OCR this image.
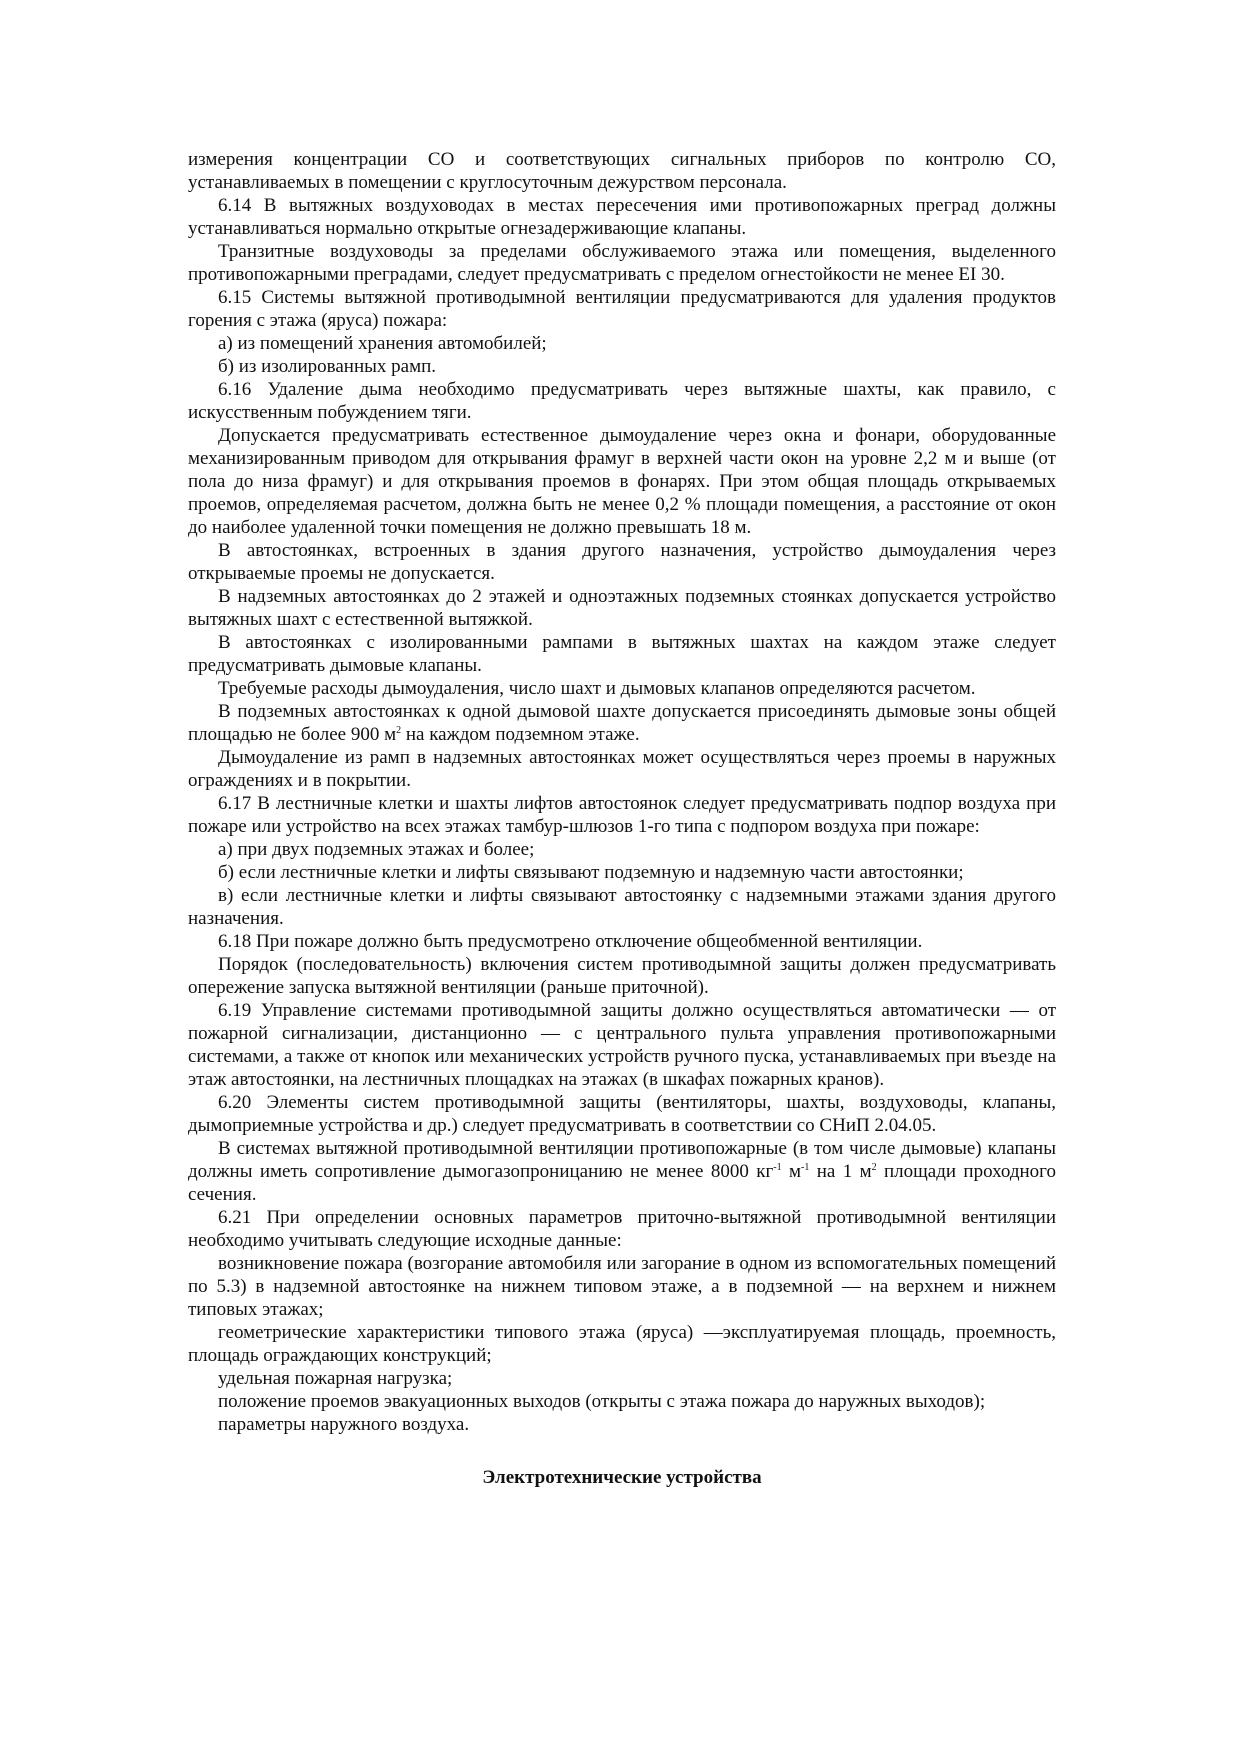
измерения концентрации СО и соответствующих сигнальных приборов по контролю СО, устанавливаемых в помещении с круглосуточным дежурством персонала.

6.14 В вытяжных воздуховодах в местах пересечения ими противопожарных преград должны устанавливаться нормально открытые огнезадерживающие клапаны.

Транзитные воздуховоды за пределами обслуживаемого этажа или помещения, выделенного противопожарными преградами, следует предусматривать с пределом огнестойкости не менее EI 30.

6.15 Системы вытяжной противодымной вентиляции предусматриваются для удаления продуктов горения с этажа (яруса) пожара:

а) из помещений хранения автомобилей;

б) из изолированных рамп.

6.16 Удаление дыма необходимо предусматривать через вытяжные шахты, как правило, с искусственным побуждением тяги.

Допускается предусматривать естественное дымоудаление через окна и фонари, оборудованные механизированным приводом для открывания фрамуг в верхней части окон на уровне 2,2 м и выше (от пола до низа фрамуг) и для открывания проемов в фонарях. При этом общая площадь открываемых проемов, определяемая расчетом, должна быть не менее 0,2 % площади помещения, а расстояние от окон до наиболее удаленной точки помещения не должно превышать 18 м.

В автостоянках, встроенных в здания другого назначения, устройство дымоудаления через открываемые проемы не допускается.

В надземных автостоянках до 2 этажей и одноэтажных подземных стоянках допускается устройство вытяжных шахт с естественной вытяжкой.

В автостоянках с изолированными рампами в вытяжных шахтах на каждом этаже следует предусматривать дымовые клапаны.

Требуемые расходы дымоудаления, число шахт и дымовых клапанов определяются расчетом.

В подземных автостоянках к одной дымовой шахте допускается присоединять дымовые зоны общей площадью не более 900 $м^2$ на каждом подземном этаже.

Дымоудаление из рамп в надземных автостоянках может осуществляться через проемы в наружных ограждениях и в покрытии.

6.17 В лестничные клетки и шахты лифтов автостоянок следует предусматривать подпор воздуха при пожаре или устройство на всех этажах тамбур-шлюзов 1-го типа с подпором воздуха при пожаре:

а) при двух подземных этажах и более;

б) если лестничные клетки и лифты связывают подземную и надземную части автостоянки;

в) если лестничные клетки и лифты связывают автостоянку с надземными этажами здания другого назначения.

6.18 При пожаре должно быть предусмотрено отключение общеобменной вентиляции.

Порядок (последовательность) включения систем противодымной защиты должен предусматривать опережение запуска вытяжной вентиляции (раньше приточной).

6.19 Управление системами противодымной защиты должно осуществляться автоматически — от пожарной сигнализации, дистанционно — с центрального пульта управления противопожарными системами, а также от кнопок или механических устройств ручного пуска, устанавливаемых при въезде на этаж автостоянки, на лестничных площадках на этажах (в шкафах пожарных кранов).

6.20 Элементы систем противодымной защиты (вентиляторы, шахты, воздуховоды, клапаны, дымоприемные устройства и др.) следует предусматривать в соответствии со СНиП 2.04.05.

В системах вытяжной противодымной вентиляции противопожарные (в том числе дымовые) клапаны должны иметь сопротивление дымогазопроницанию не менее 8000 $кг^{-1}$ $м^{-1}$ на 1 $м^2$ площади проходного сечения.

6.21 При определении основных параметров приточно-вытяжной противодымной вентиляции необходимо учитывать следующие исходные данные:

возникновение пожара (возгорание автомобиля или загорание в одном из вспомогательных помещений по 5.3) в надземной автостоянке на нижнем типовом этаже, а в подземной — на верхнем и нижнем типовых этажах;

геометрические характеристики типового этажа (яруса) —эксплуатируемая площадь, проемность, площадь ограждающих конструкций;

удельная пожарная нагрузка;

положение проемов эвакуационных выходов (открыты с этажа пожара до наружных выходов);

параметры наружного воздуха.

Электротехнические устройства
